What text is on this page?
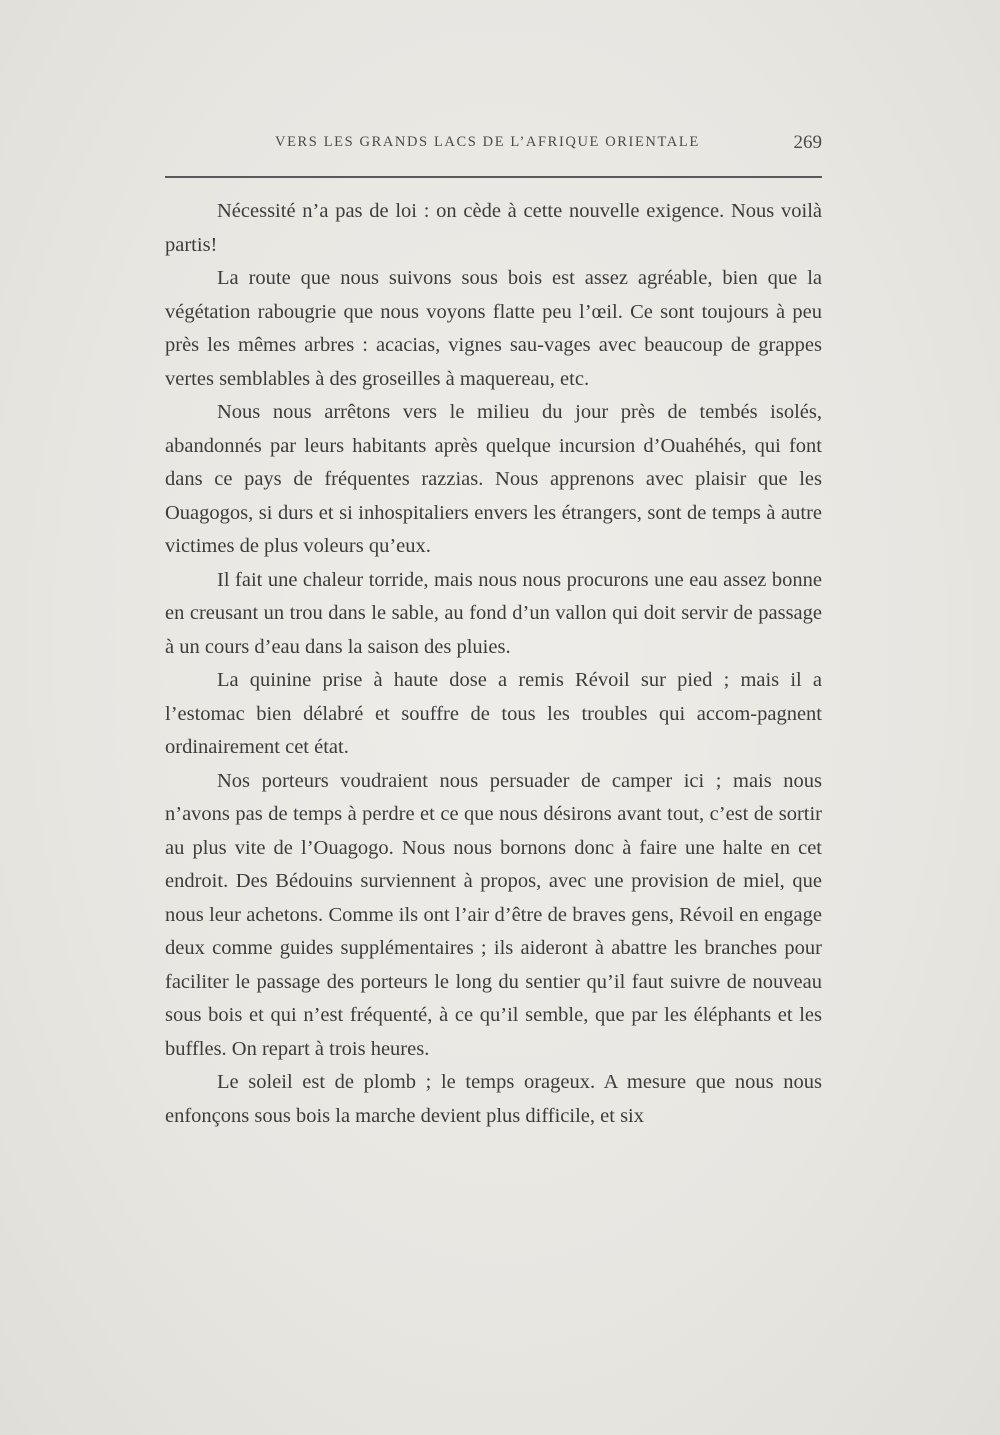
VERS LES GRANDS LACS DE L’AFRIQUE ORIENTALE	269

Nécessité n’a pas de loi : on cède à cette nouvelle exigence. Nous voilà partis!

La route que nous suivons sous bois est assez agréable, bien que la végétation rabougrie que nous voyons flatte peu l’œil. Ce sont toujours à peu près les mêmes arbres : acacias, vignes sau-vages avec beaucoup de grappes vertes semblables à des groseilles à maquereau, etc.

Nous nous arrêtons vers le milieu du jour près de tembés isolés, abandonnés par leurs habitants après quelque incursion d’Ouahéhés, qui font dans ce pays de fréquentes razzias. Nous apprenons avec plaisir que les Ouagogos, si durs et si inhospitaliers envers les étrangers, sont de temps à autre victimes de plus voleurs qu’eux.

Il fait une chaleur torride, mais nous nous procurons une eau assez bonne en creusant un trou dans le sable, au fond d’un vallon qui doit servir de passage à un cours d’eau dans la saison des pluies.

La quinine prise à haute dose a remis Révoil sur pied ; mais il a l’estomac bien délabré et souffre de tous les troubles qui accom-pagnent ordinairement cet état.

Nos porteurs voudraient nous persuader de camper ici ; mais nous n’avons pas de temps à perdre et ce que nous désirons avant tout, c’est de sortir au plus vite de l’Ouagogo. Nous nous bornons donc à faire une halte en cet endroit. Des Bédouins surviennent à propos, avec une provision de miel, que nous leur achetons. Comme ils ont l’air d’être de braves gens, Révoil en engage deux comme guides supplémentaires ; ils aideront à abattre les branches pour faciliter le passage des porteurs le long du sentier qu’il faut suivre de nouveau sous bois et qui n’est fréquenté, à ce qu’il semble, que par les éléphants et les buffles. On repart à trois heures.

Le soleil est de plomb ; le temps orageux. A mesure que nous nous enfonçons sous bois la marche devient plus difficile, et six
